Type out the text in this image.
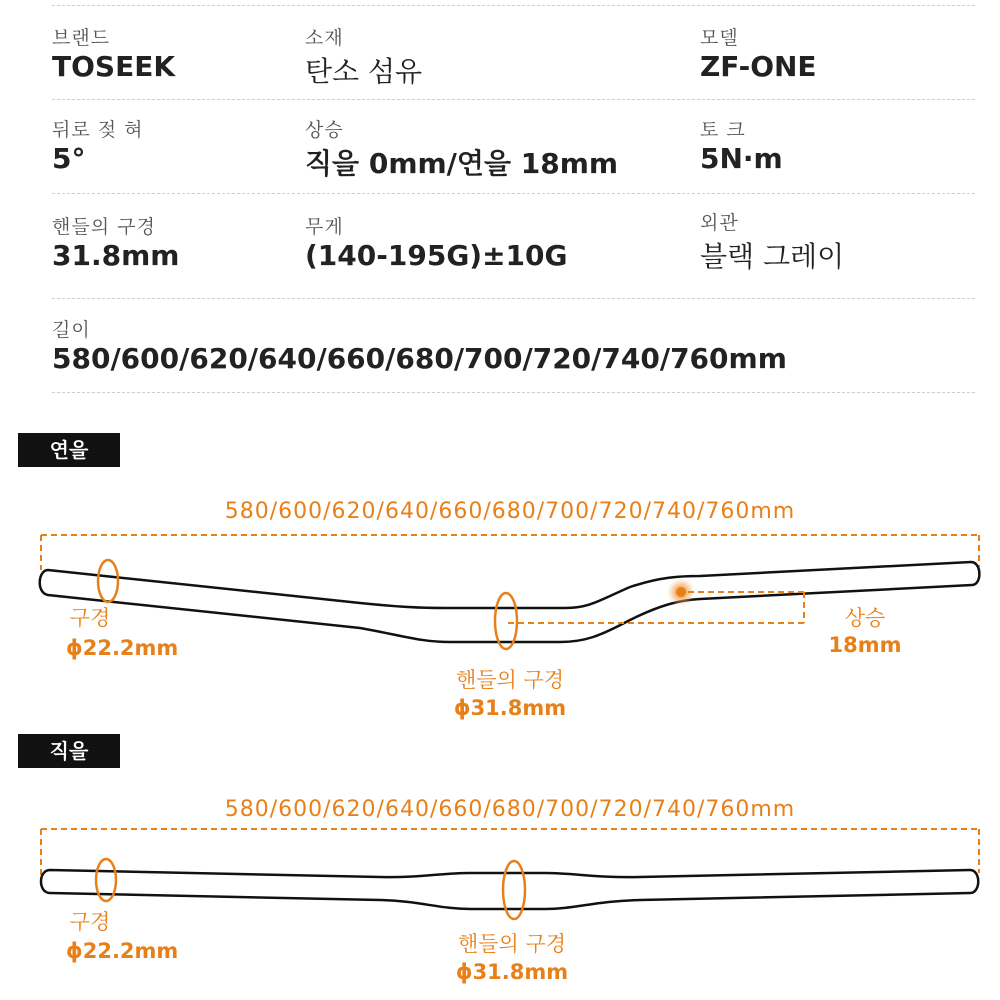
브랜드
TOSEEK
소재
탄소 섬유
모델
ZF-ONE
뒤로 젖 혀
5°
상승
직을 0mm/연을 18mm
토 크
5N·m
핸들의 구경
31.8mm
무게
(140-195G)±10G
외관
블랙 그레이
길이
580/600/620/640/660/680/700/720/740/760mm
연을
580/600/620/640/660/680/700/720/740/760mm
구경
ϕ22.2mm
핸들의 구경
ϕ31.8mm
상승
18mm
직을
580/600/620/640/660/680/700/720/740/760mm
구경
ϕ22.2mm	핸들의 구경
ϕ31.8mm
